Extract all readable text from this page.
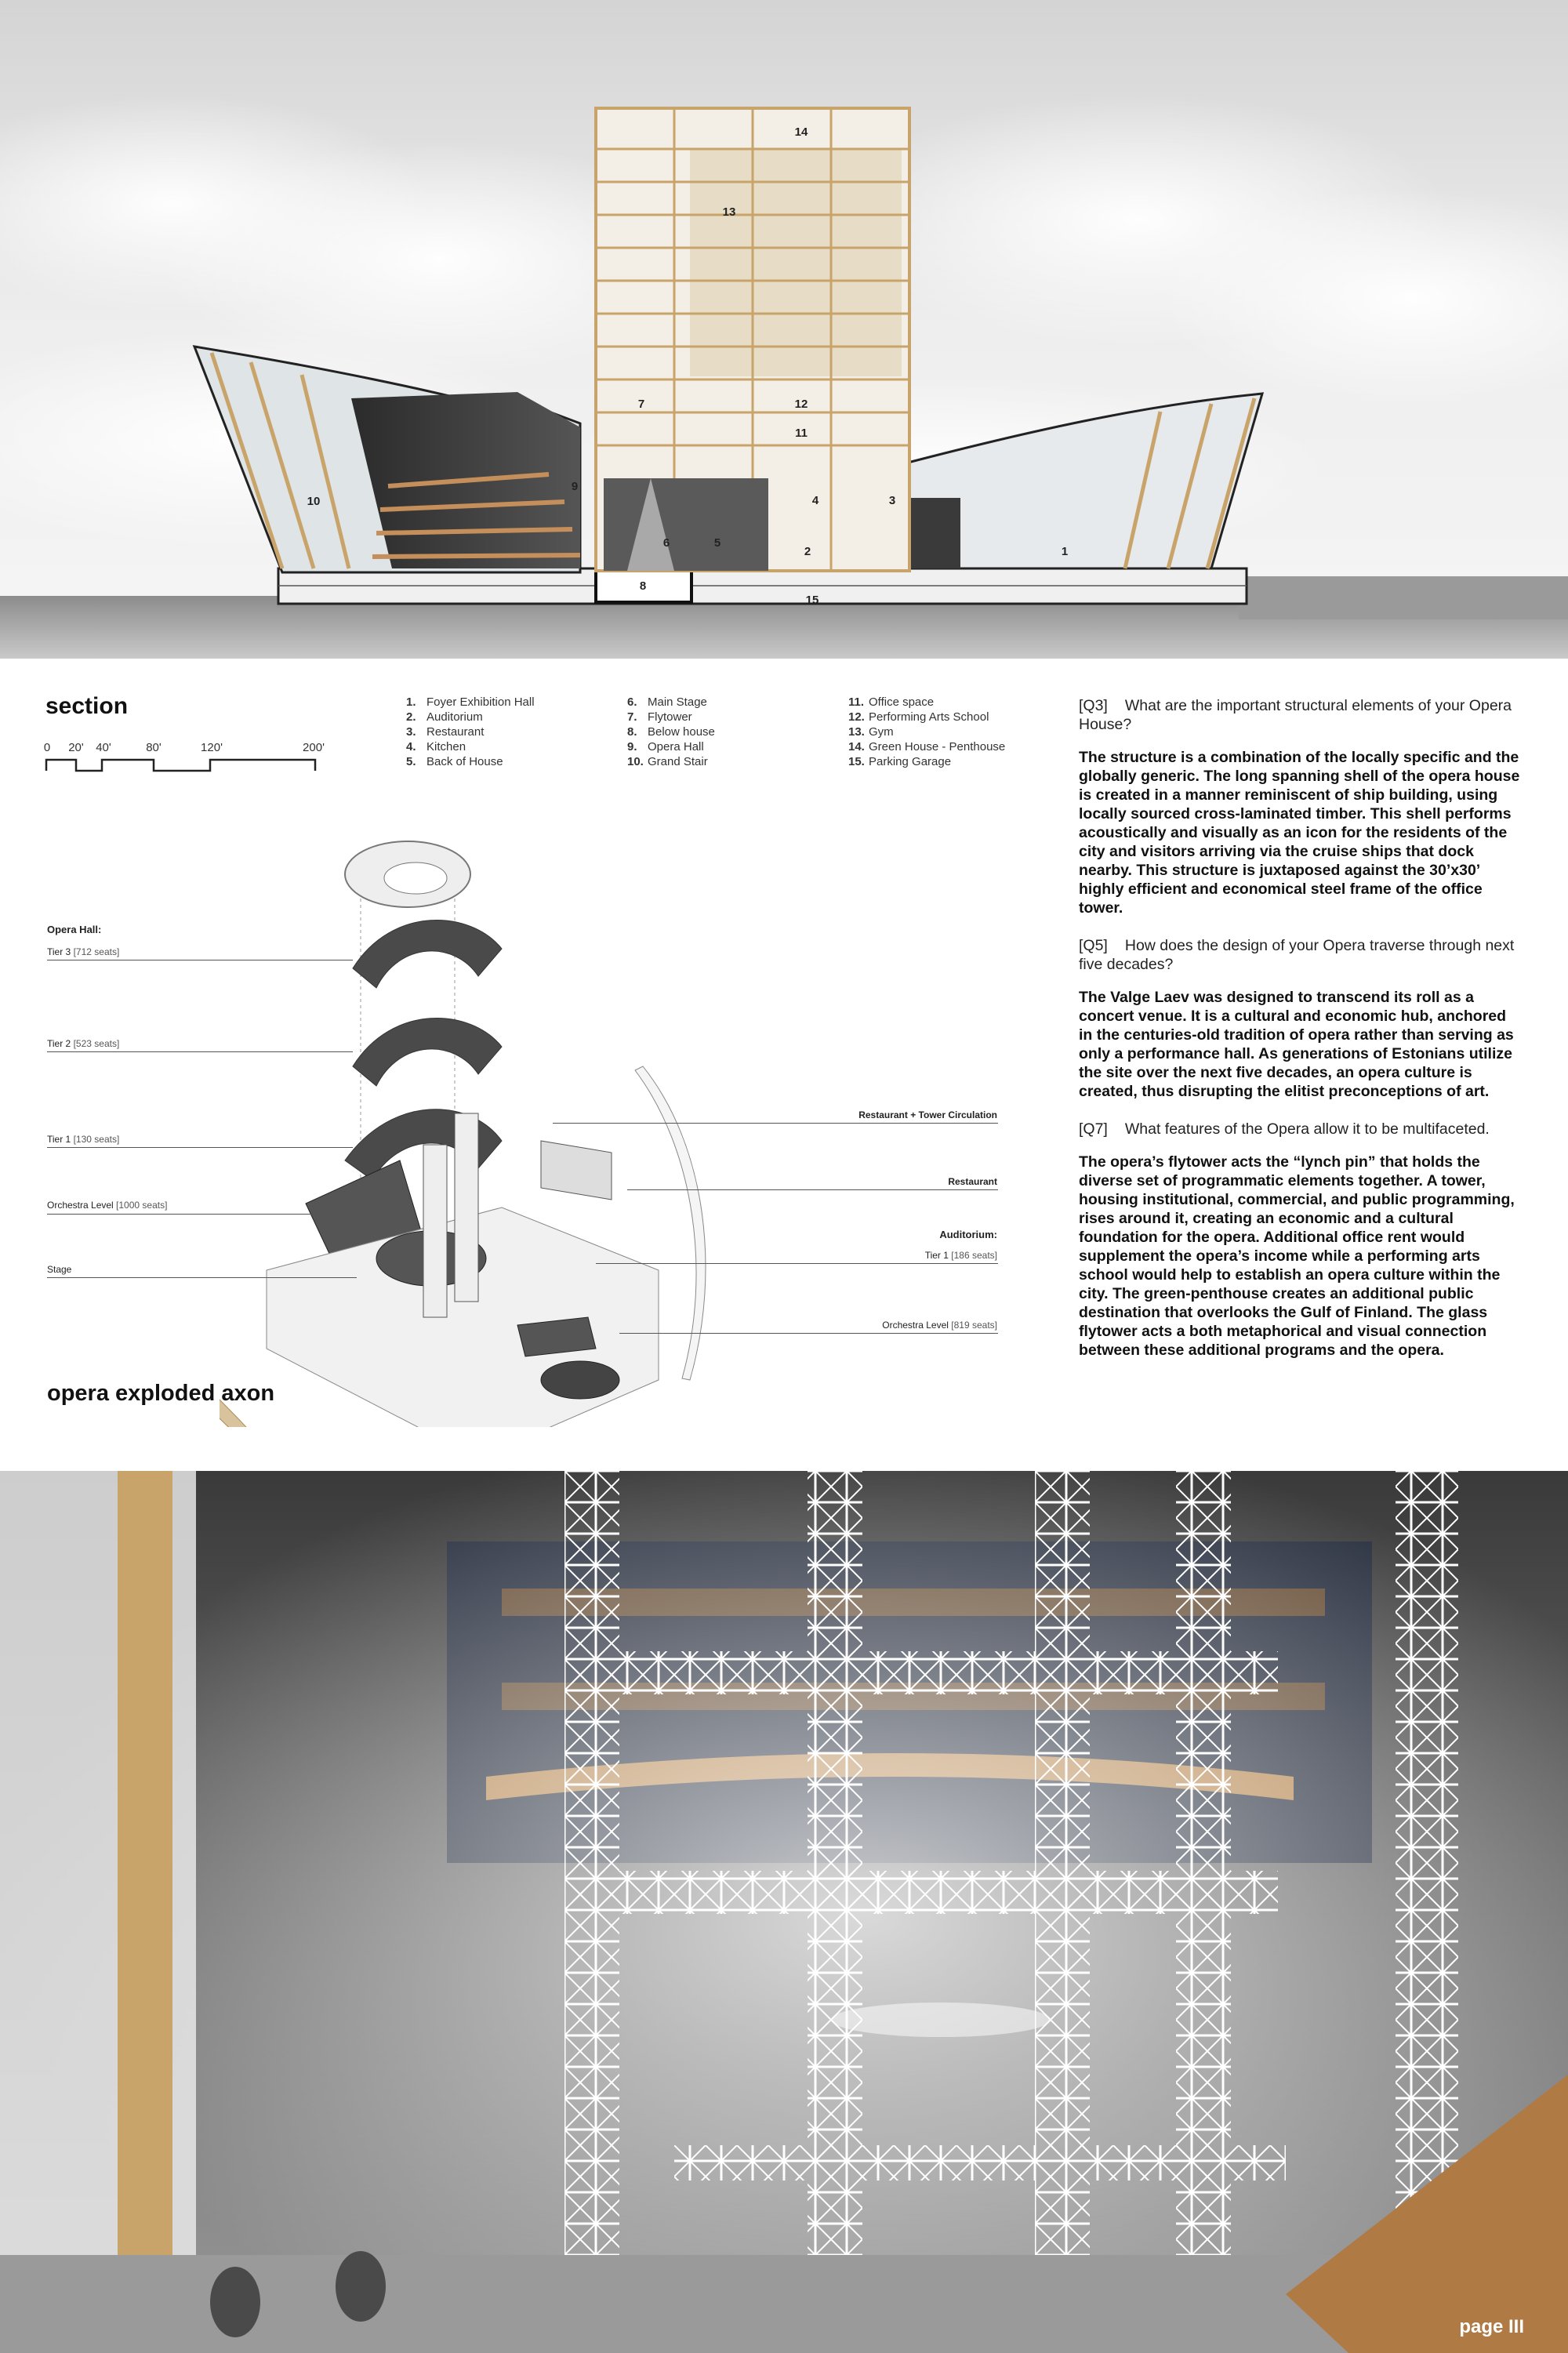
1
2
3
4
5
6
7
8
9
10
11
12
13
14
15
section
0 20' 40'	80'	120'	200'
1. Foyer Exhibition Hall
2. Auditorium
3. Restaurant
4. Kitchen
5. Back of House
6. Main Stage
7. Flytower
8. Below house
9. Opera Hall
10. Grand Stair
11. Office space
12. Performing Arts School
13. Gym
14. Green House - Penthouse
15. Parking Garage

[Q3] What are the important structural elements of your Opera House?

The structure is a combination of the locally specific and the globally generic. The long spanning shell of the opera house is created in a manner reminiscent of ship building, using locally sourced cross-laminated timber. This shell performs acoustically and visually as an icon for the residents of the city and visitors arriving via the cruise ships that dock nearby. This structure is juxtaposed against the 30’x30’ highly efficient and economical steel frame of the office tower.

[Q5] How does the design of your Opera traverse through next five decades?

The Valge Laev was designed to transcend its roll as a concert venue. It is a cultural and economic hub, anchored in the centuries-old tradition of opera rather than serving as only a performance hall. As generations of Estonians utilize the site over the next five decades, an opera culture is created, thus disrupting the elitist preconceptions of art.

[Q7] What features of the Opera allow it to be multifaceted.

The opera’s flytower acts the “lynch pin” that holds the diverse set of programmatic elements together. A tower, housing institutional, commercial, and public programming, rises around it, creating an economic and a cultural foundation for the opera. Additional office rent would supplement the opera’s income while a performing arts school would help to establish an opera culture within the city. The green-penthouse creates an additional public destination that overlooks the Gulf of Finland. The glass flytower acts a both metaphorical and visual connection between these additional programs and the opera.

Opera Hall:
Tier 3 [712 seats]
Tier 2 [523 seats]
Tier 1 [130 seats]
Orchestra Level [1000 seats]
Stage
Restaurant + Tower Circulation
Restaurant
Auditorium:
Tier 1 [186 seats]
Orchestra Level [819 seats]
opera exploded axon
page III
